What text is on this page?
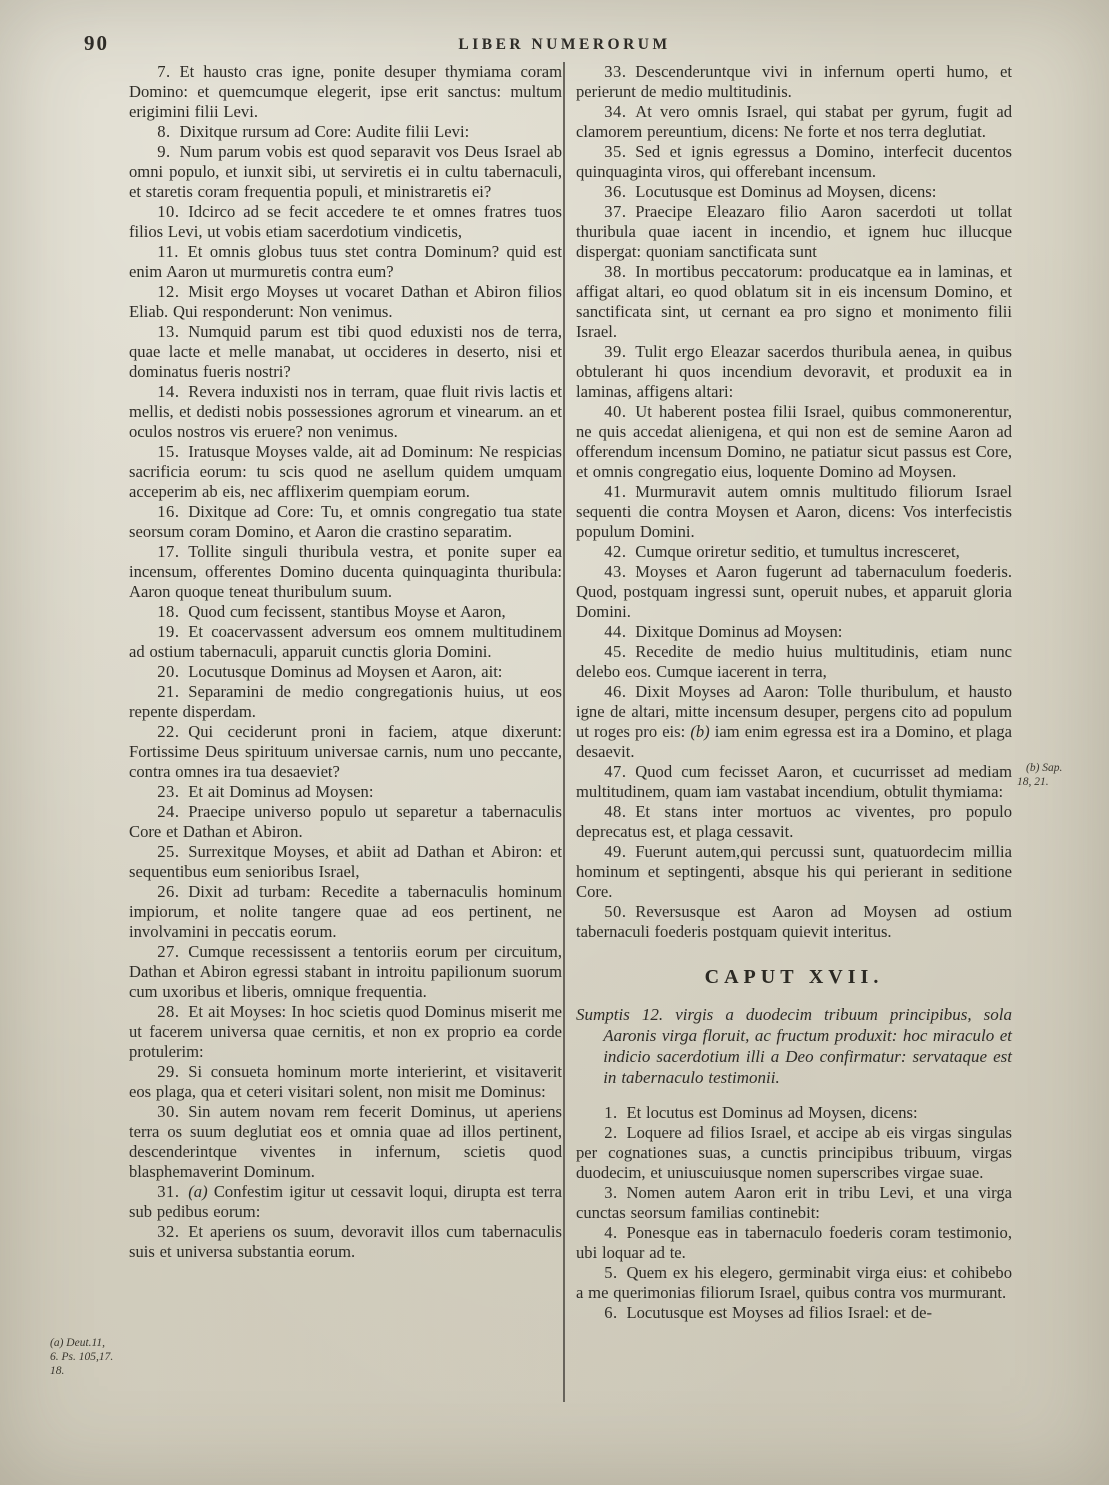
90	LIBER NUMERORUM

7. Et hausto cras igne, ponite desuper thymiama coram Domino: et quemcumque elegerit, ipse erit sanctus: multum erigimini filii Levi.

8. Dixitque rursum ad Core: Audite filii Levi:

9. Num parum vobis est quod separavit vos Deus Israel ab omni populo, et iunxit sibi, ut serviretis ei in cultu tabernaculi, et staretis coram frequentia populi, et ministraretis ei?

10. Idcirco ad se fecit accedere te et omnes fratres tuos filios Levi, ut vobis etiam sacerdotium vindicetis,

11. Et omnis globus tuus stet contra Dominum? quid est enim Aaron ut murmuretis contra eum?

12. Misit ergo Moyses ut vocaret Dathan et Abiron filios Eliab. Qui responderunt: Non venimus.

13. Numquid parum est tibi quod eduxisti nos de terra, quae lacte et melle manabat, ut occideres in deserto, nisi et dominatus fueris nostri?

14. Revera induxisti nos in terram, quae fluit rivis lactis et mellis, et dedisti nobis possessiones agrorum et vinearum. an et oculos nostros vis eruere? non venimus.

15. Iratusque Moyses valde, ait ad Dominum: Ne respicias sacrificia eorum: tu scis quod ne asellum quidem umquam acceperim ab eis, nec afflixerim quempiam eorum.

16. Dixitque ad Core: Tu, et omnis congregatio tua state seorsum coram Domino, et Aaron die crastino separatim.

17. Tollite singuli thuribula vestra, et ponite super ea incensum, offerentes Domino ducenta quinquaginta thuribula: Aaron quoque teneat thuribulum suum.

18. Quod cum fecissent, stantibus Moyse et Aaron,

19. Et coacervassent adversum eos omnem multitudinem ad ostium tabernaculi, apparuit cunctis gloria Domini.

20. Locutusque Dominus ad Moysen et Aaron, ait:

21. Separamini de medio congregationis huius, ut eos repente disperdam.

22. Qui ceciderunt proni in faciem, atque dixerunt: Fortissime Deus spirituum universae carnis, num uno peccante, contra omnes ira tua desaeviet?

23. Et ait Dominus ad Moysen:

24. Praecipe universo populo ut separetur a tabernaculis Core et Dathan et Abiron.

25. Surrexitque Moyses, et abiit ad Dathan et Abiron: et sequentibus eum senioribus Israel,

26. Dixit ad turbam: Recedite a tabernaculis hominum impiorum, et nolite tangere quae ad eos pertinent, ne involvamini in peccatis eorum.

27. Cumque recessissent a tentoriis eorum per circuitum, Dathan et Abiron egressi stabant in introitu papilionum suorum cum uxoribus et liberis, omnique frequentia.

28. Et ait Moyses: In hoc scietis quod Dominus miserit me ut facerem universa quae cernitis, et non ex proprio ea corde protulerim:

29. Si consueta hominum morte interierint, et visitaverit eos plaga, qua et ceteri visitari solent, non misit me Dominus:

30. Sin autem novam rem fecerit Dominus, ut aperiens terra os suum deglutiat eos et omnia quae ad illos pertinent, descenderintque viventes in infernum, scietis quod blasphemaverint Dominum.

31. (a) Confestim igitur ut cessavit loqui, dirupta est terra sub pedibus eorum:

32. Et aperiens os suum, devoravit illos cum tabernaculis suis et universa substantia eorum.

33. Descenderuntque vivi in infernum operti humo, et perierunt de medio multitudinis.

34. At vero omnis Israel, qui stabat per gyrum, fugit ad clamorem pereuntium, dicens: Ne forte et nos terra deglutiat.

35. Sed et ignis egressus a Domino, interfecit ducentos quinquaginta viros, qui offerebant incensum.

36. Locutusque est Dominus ad Moysen, dicens:

37. Praecipe Eleazaro filio Aaron sacerdoti ut tollat thuribula quae iacent in incendio, et ignem huc illucque dispergat: quoniam sanctificata sunt

38. In mortibus peccatorum: producatque ea in laminas, et affigat altari, eo quod oblatum sit in eis incensum Domino, et sanctificata sint, ut cernant ea pro signo et monimento filii Israel.

39. Tulit ergo Eleazar sacerdos thuribula aenea, in quibus obtulerant hi quos incendium devoravit, et produxit ea in laminas, affigens altari:

40. Ut haberent postea filii Israel, quibus commonerentur, ne quis accedat alienigena, et qui non est de semine Aaron ad offerendum incensum Domino, ne patiatur sicut passus est Core, et omnis congregatio eius, loquente Domino ad Moysen.

41. Murmuravit autem omnis multitudo filiorum Israel sequenti die contra Moysen et Aaron, dicens: Vos interfecistis populum Domini.

42. Cumque oriretur seditio, et tumultus incresceret,

43. Moyses et Aaron fugerunt ad tabernaculum foederis. Quod, postquam ingressi sunt, operuit nubes, et apparuit gloria Domini.

44. Dixitque Dominus ad Moysen:

45. Recedite de medio huius multitudinis, etiam nunc delebo eos. Cumque iacerent in terra,

46. Dixit Moyses ad Aaron: Tolle thuribulum, et hausto igne de altari, mitte incensum desuper, pergens cito ad populum ut roges pro eis: (b) iam enim egressa est ira a Domino, et plaga desaevit.

47. Quod cum fecisset Aaron, et cucurrisset ad mediam multitudinem, quam iam vastabat incendium, obtulit thymiama:

48. Et stans inter mortuos ac viventes, pro populo deprecatus est, et plaga cessavit.

49. Fuerunt autem,qui percussi sunt, quatuordecim millia hominum et septingenti, absque his qui perierant in seditione Core.

50. Reversusque est Aaron ad Moysen ad ostium tabernaculi foederis postquam quievit interitus.

CAPUT XVII.

Sumptis 12. virgis a duodecim tribuum principibus, sola Aaronis virga floruit, ac fructum produxit: hoc miraculo et indicio sacerdotium illi a Deo confirmatur: servataque est in tabernaculo testimonii.

1. Et locutus est Dominus ad Moysen, dicens:

2. Loquere ad filios Israel, et accipe ab eis virgas singulas per cognationes suas, a cunctis principibus tribuum, virgas duodecim, et uniuscuiusque nomen superscribes virgae suae.

3. Nomen autem Aaron erit in tribu Levi, et una virga cunctas seorsum familias continebit:

4. Ponesque eas in tabernaculo foederis coram testimonio, ubi loquar ad te.

5. Quem ex his elegero, germinabit virga eius: et cohibebo a me querimonias filiorum Israel, quibus contra vos murmurant.

6. Locutusque est Moyses ad filios Israel: et de-

(a) Deut.11,
6. Ps. 105,17.
18.
(b) Sap.
18, 21.
